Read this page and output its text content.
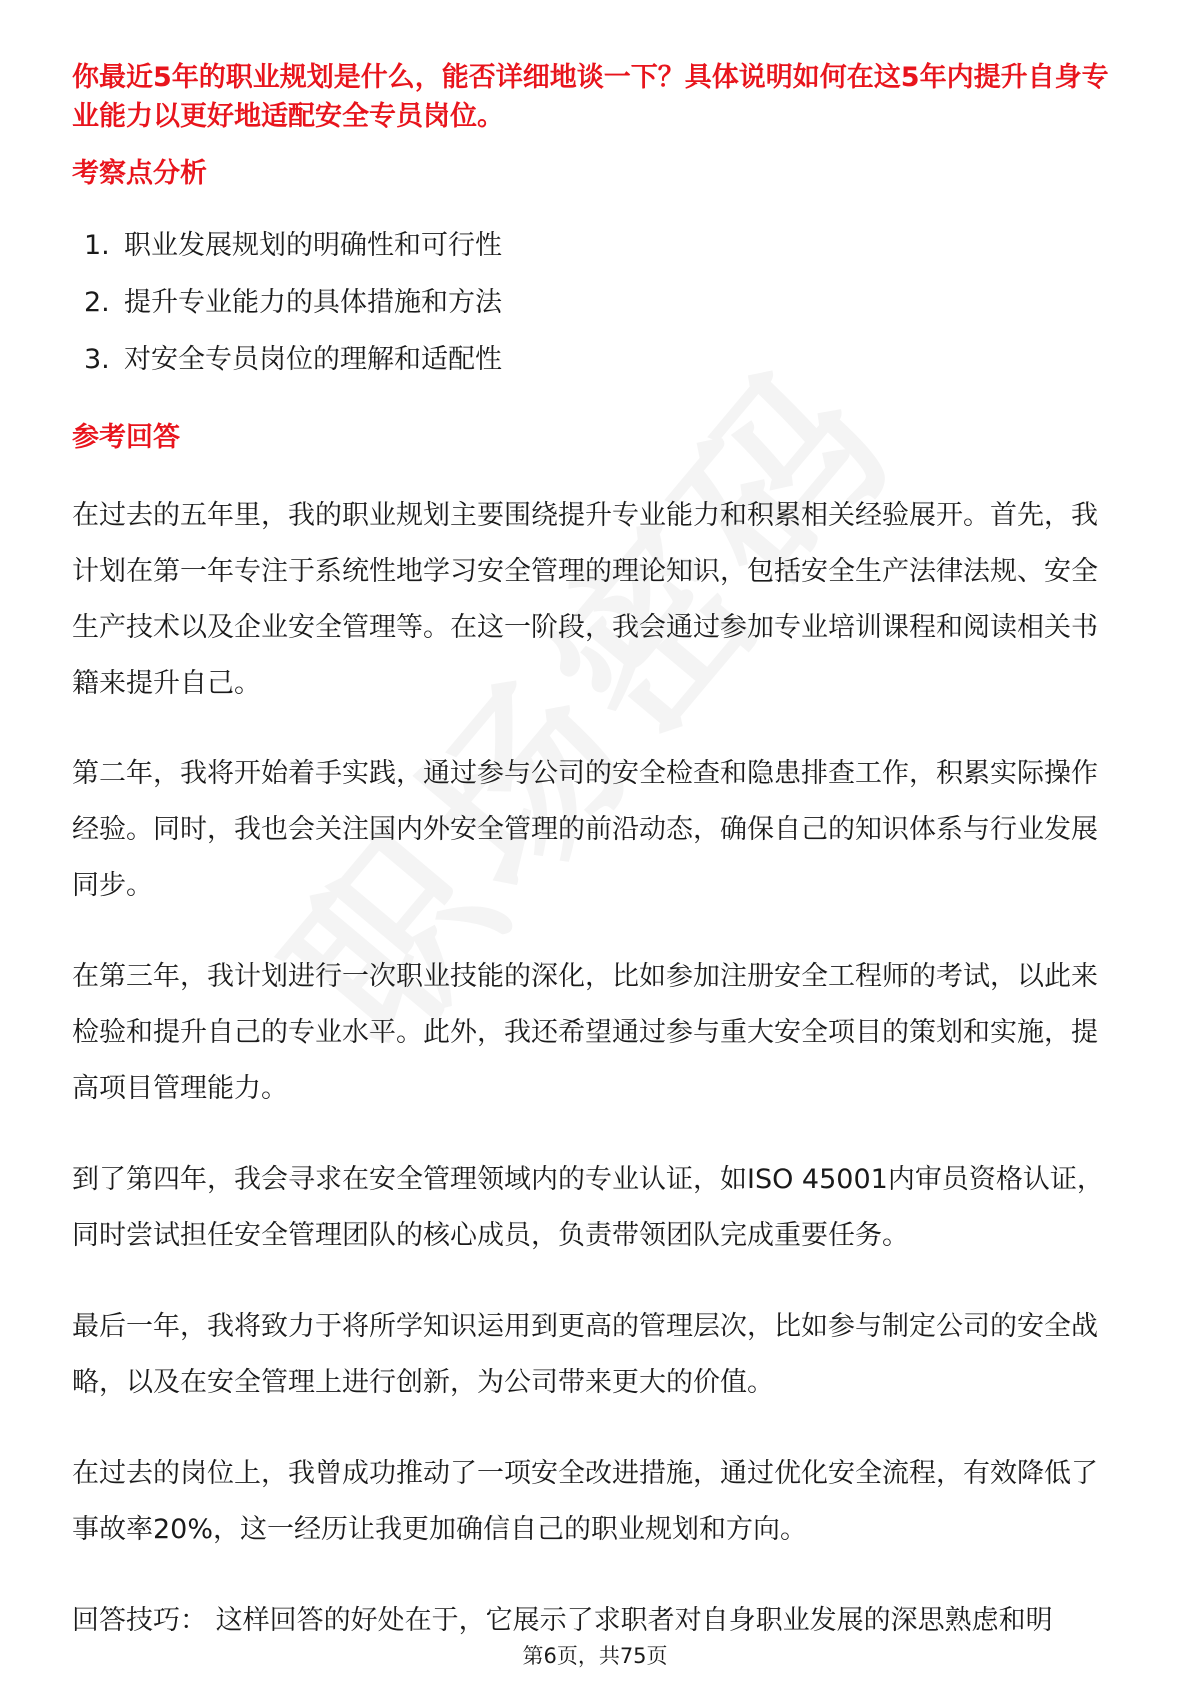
你最近5年的职业规划是什么，能否详细地谈一下？具体说明如何在这5年内提升自身专业能力以更好地适配安全专员岗位。

考察点分析
1. 职业发展规划的明确性和可行性
2. 提升专业能力的具体措施和方法
3. 对安全专员岗位的理解和适配性
参考回答

在过去的五年里，我的职业规划主要围绕提升专业能力和积累相关经验展开。首先，我计划在第一年专注于系统性地学习安全管理的理论知识，包括安全生产法律法规、安全生产技术以及企业安全管理等。在这一阶段，我会通过参加专业培训课程和阅读相关书籍来提升自己。

第二年，我将开始着手实践，通过参与公司的安全检查和隐患排查工作，积累实际操作经验。同时，我也会关注国内外安全管理的前沿动态，确保自己的知识体系与行业发展同步。

在第三年，我计划进行一次职业技能的深化，比如参加注册安全工程师的考试，以此来检验和提升自己的专业水平。此外，我还希望通过参与重大安全项目的策划和实施，提高项目管理能力。

到了第四年，我会寻求在安全管理领域内的专业认证，如ISO 45001内审员资格认证，同时尝试担任安全管理团队的核心成员，负责带领团队完成重要任务。

最后一年，我将致力于将所学知识运用到更高的管理层次，比如参与制定公司的安全战略，以及在安全管理上进行创新，为公司带来更大的价值。

在过去的岗位上，我曾成功推动了一项安全改进措施，通过优化安全流程，有效降低了事故率20%，这一经历让我更加确信自己的职业规划和方向。

回答技巧： 这样回答的好处在于，它展示了求职者对自身职业发展的深思熟虑和明

第6页，共75页
